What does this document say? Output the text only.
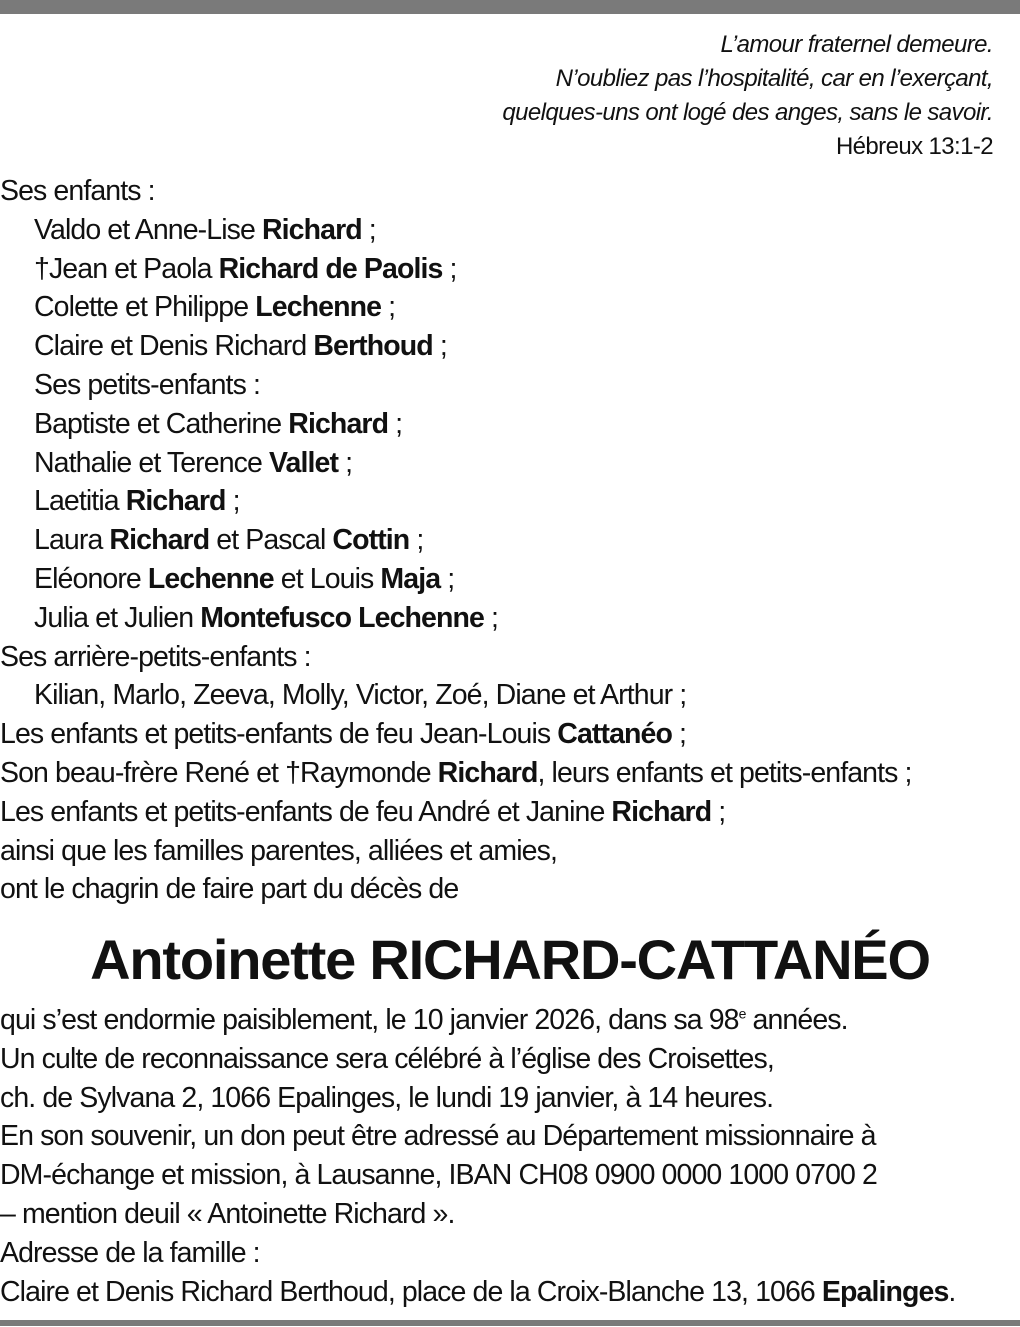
L’amour fraternel demeure.
N’oubliez pas l’hospitalité, car en l’exerçant,
quelques-uns ont logé des anges, sans le savoir.
Hébreux 13:1-2
Ses enfants :
Valdo et Anne-Lise Richard ;
†Jean et Paola Richard de Paolis ;
Colette et Philippe Lechenne ;
Claire et Denis Richard Berthoud ;
Ses petits-enfants :
Baptiste et Catherine Richard ;
Nathalie et Terence Vallet ;
Laetitia Richard ;
Laura Richard et Pascal Cottin ;
Eléonore Lechenne et Louis Maja ;
Julia et Julien Montefusco Lechenne ;
Ses arrière-petits-enfants :
Kilian, Marlo, Zeeva, Molly, Victor, Zoé, Diane et Arthur ;
Les enfants et petits-enfants de feu Jean-Louis Cattanéo ;
Son beau-frère René et †Raymonde Richard, leurs enfants et petits-enfants ;
Les enfants et petits-enfants de feu André et Janine Richard ;
ainsi que les familles parentes, alliées et amies,
ont le chagrin de faire part du décès de
Antoinette RICHARD-CATTANÉO
qui s’est endormie paisiblement, le 10 janvier 2026, dans sa 98e années.
Un culte de reconnaissance sera célébré à l’église des Croisettes,
ch. de Sylvana 2, 1066 Epalinges, le lundi 19 janvier, à 14 heures.
En son souvenir, un don peut être adressé au Département missionnaire à
DM-échange et mission, à Lausanne, IBAN CH08 0900 0000 1000 0700 2
– mention deuil « Antoinette Richard ».
Adresse de la famille :
Claire et Denis Richard Berthoud, place de la Croix-Blanche 13, 1066 Epalinges.
